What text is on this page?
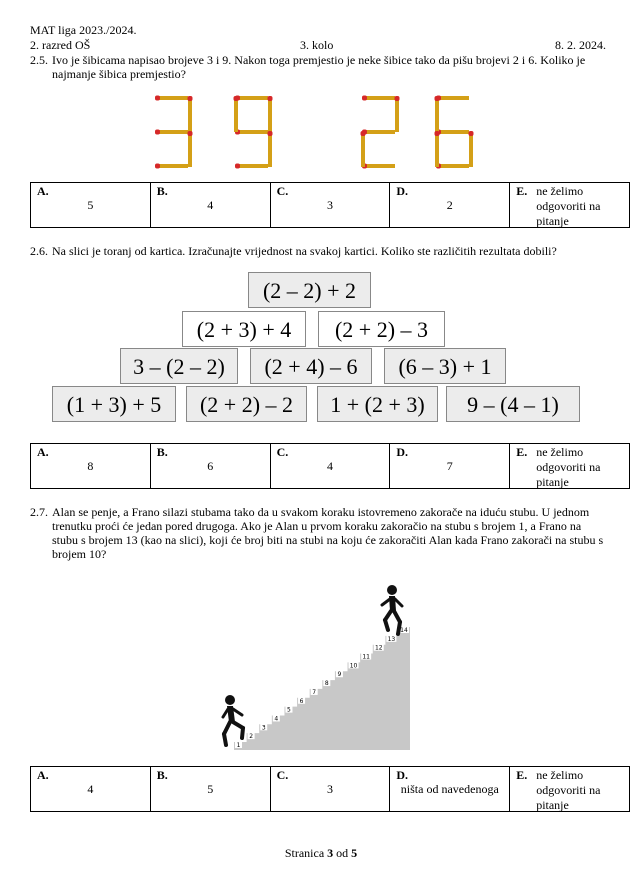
MAT liga 2023./2024.
2. razred OŠ	3. kolo	8. 2. 2024.
2.5. Ivo je šibicama napisao brojeve 3 i 9. Nakon toga premjestio je neke šibice tako da pišu brojevi 2 i 6. Koliko je
najmanje šibica premjestio?
A.
5

B.
4

C.
3

D.
2

E. ne želimo odgovoriti na pitanje
2.6. Na slici je toranj od kartica. Izračunajte vrijednost na svakoj kartici. Koliko ste različitih rezultata dobili?
(2 – 2) + 2
(2 + 3) + 4	(2 + 2) – 3
3 – (2 – 2)	(2 + 4) – 6	(6 – 3) + 1
(1 + 3) + 5	(2 + 2) – 2	1 + (2 + 3)	9 – (4 – 1)
A.
8

B.
6

C.
4

D.
7

E. ne želimo odgovoriti na pitanje
2.7. Alan se penje, a Frano silazi stubama tako da u svakom koraku istovremeno zakorače na iduću stubu. U jednom
trenutku proći će jedan pored drugoga. Ako je Alan u prvom koraku zakoračio na stubu s brojem 1, a Frano na
stubu s brojem 13 (kao na slici), koji će broj biti na stubi na koju će zakoračiti Alan kada Frano zakorači na stubu s
brojem 10?
1
2
3
4
5
6
7
8
9
10
11
12
13
14
A.
4

B.
5

C.
3

D.
ništa od navedenoga

E. ne želimo odgovoriti na pitanje
Stranica 3 od 5
